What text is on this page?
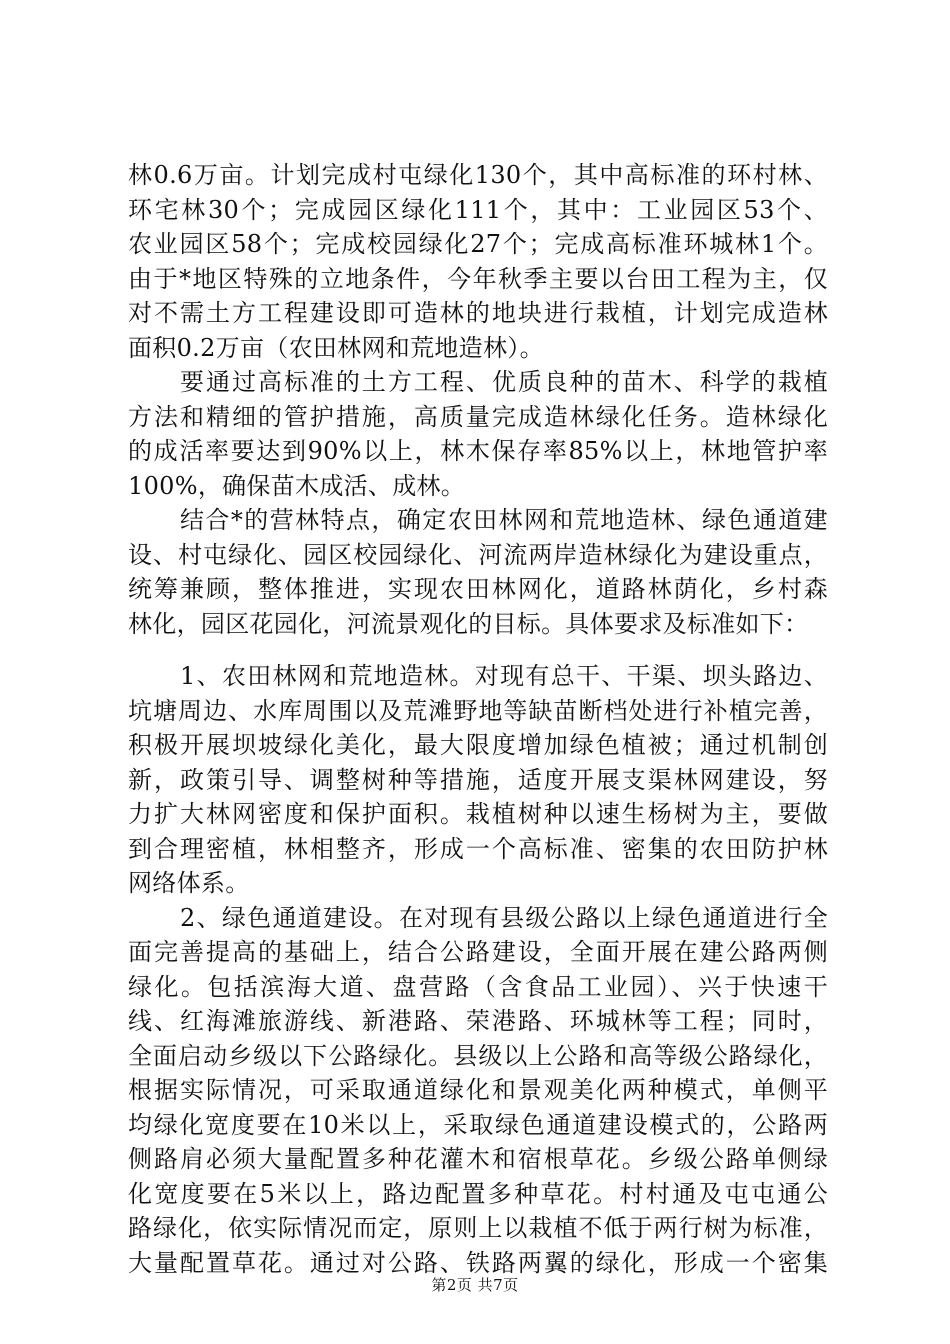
林0.6万亩。计划完成村屯绿化130个，其中高标准的环村林、
环宅林30个；完成园区绿化111个，其中：工业园区53个、
农业园区58个；完成校园绿化27个；完成高标准环城林1个。
由于*地区特殊的立地条件，今年秋季主要以台田工程为主，仅
对不需土方工程建设即可造林的地块进行栽植，计划完成造林
面积0.2万亩（农田林网和荒地造林）。
要通过高标准的土方工程、优质良种的苗木、科学的栽植
方法和精细的管护措施，高质量完成造林绿化任务。造林绿化
的成活率要达到90%以上，林木保存率85%以上，林地管护率
100%，确保苗木成活、成林。
结合*的营林特点，确定农田林网和荒地造林、绿色通道建
设、村屯绿化、园区校园绿化、河流两岸造林绿化为建设重点，
统筹兼顾，整体推进，实现农田林网化，道路林荫化，乡村森
林化，园区花园化，河流景观化的目标。具体要求及标准如下：
1、农田林网和荒地造林。对现有总干、干渠、坝头路边、
坑塘周边、水库周围以及荒滩野地等缺苗断档处进行补植完善，
积极开展坝坡绿化美化，最大限度增加绿色植被；通过机制创
新，政策引导、调整树种等措施，适度开展支渠林网建设，努
力扩大林网密度和保护面积。栽植树种以速生杨树为主，要做
到合理密植，林相整齐，形成一个高标准、密集的农田防护林
网络体系。
2、绿色通道建设。在对现有县级公路以上绿色通道进行全
面完善提高的基础上，结合公路建设，全面开展在建公路两侧
绿化。包括滨海大道、盘营路（含食品工业园）、兴于快速干
线、红海滩旅游线、新港路、荣港路、环城林等工程；同时，
全面启动乡级以下公路绿化。县级以上公路和高等级公路绿化，
根据实际情况，可采取通道绿化和景观美化两种模式，单侧平
均绿化宽度要在10米以上，采取绿色通道建设模式的，公路两
侧路肩必须大量配置多种花灌木和宿根草花。乡级公路单侧绿
化宽度要在5米以上，路边配置多种草花。村村通及屯屯通公
路绿化，依实际情况而定，原则上以栽植不低于两行树为标准，
大量配置草花。通过对公路、铁路两翼的绿化，形成一个密集
第2页 共7页
